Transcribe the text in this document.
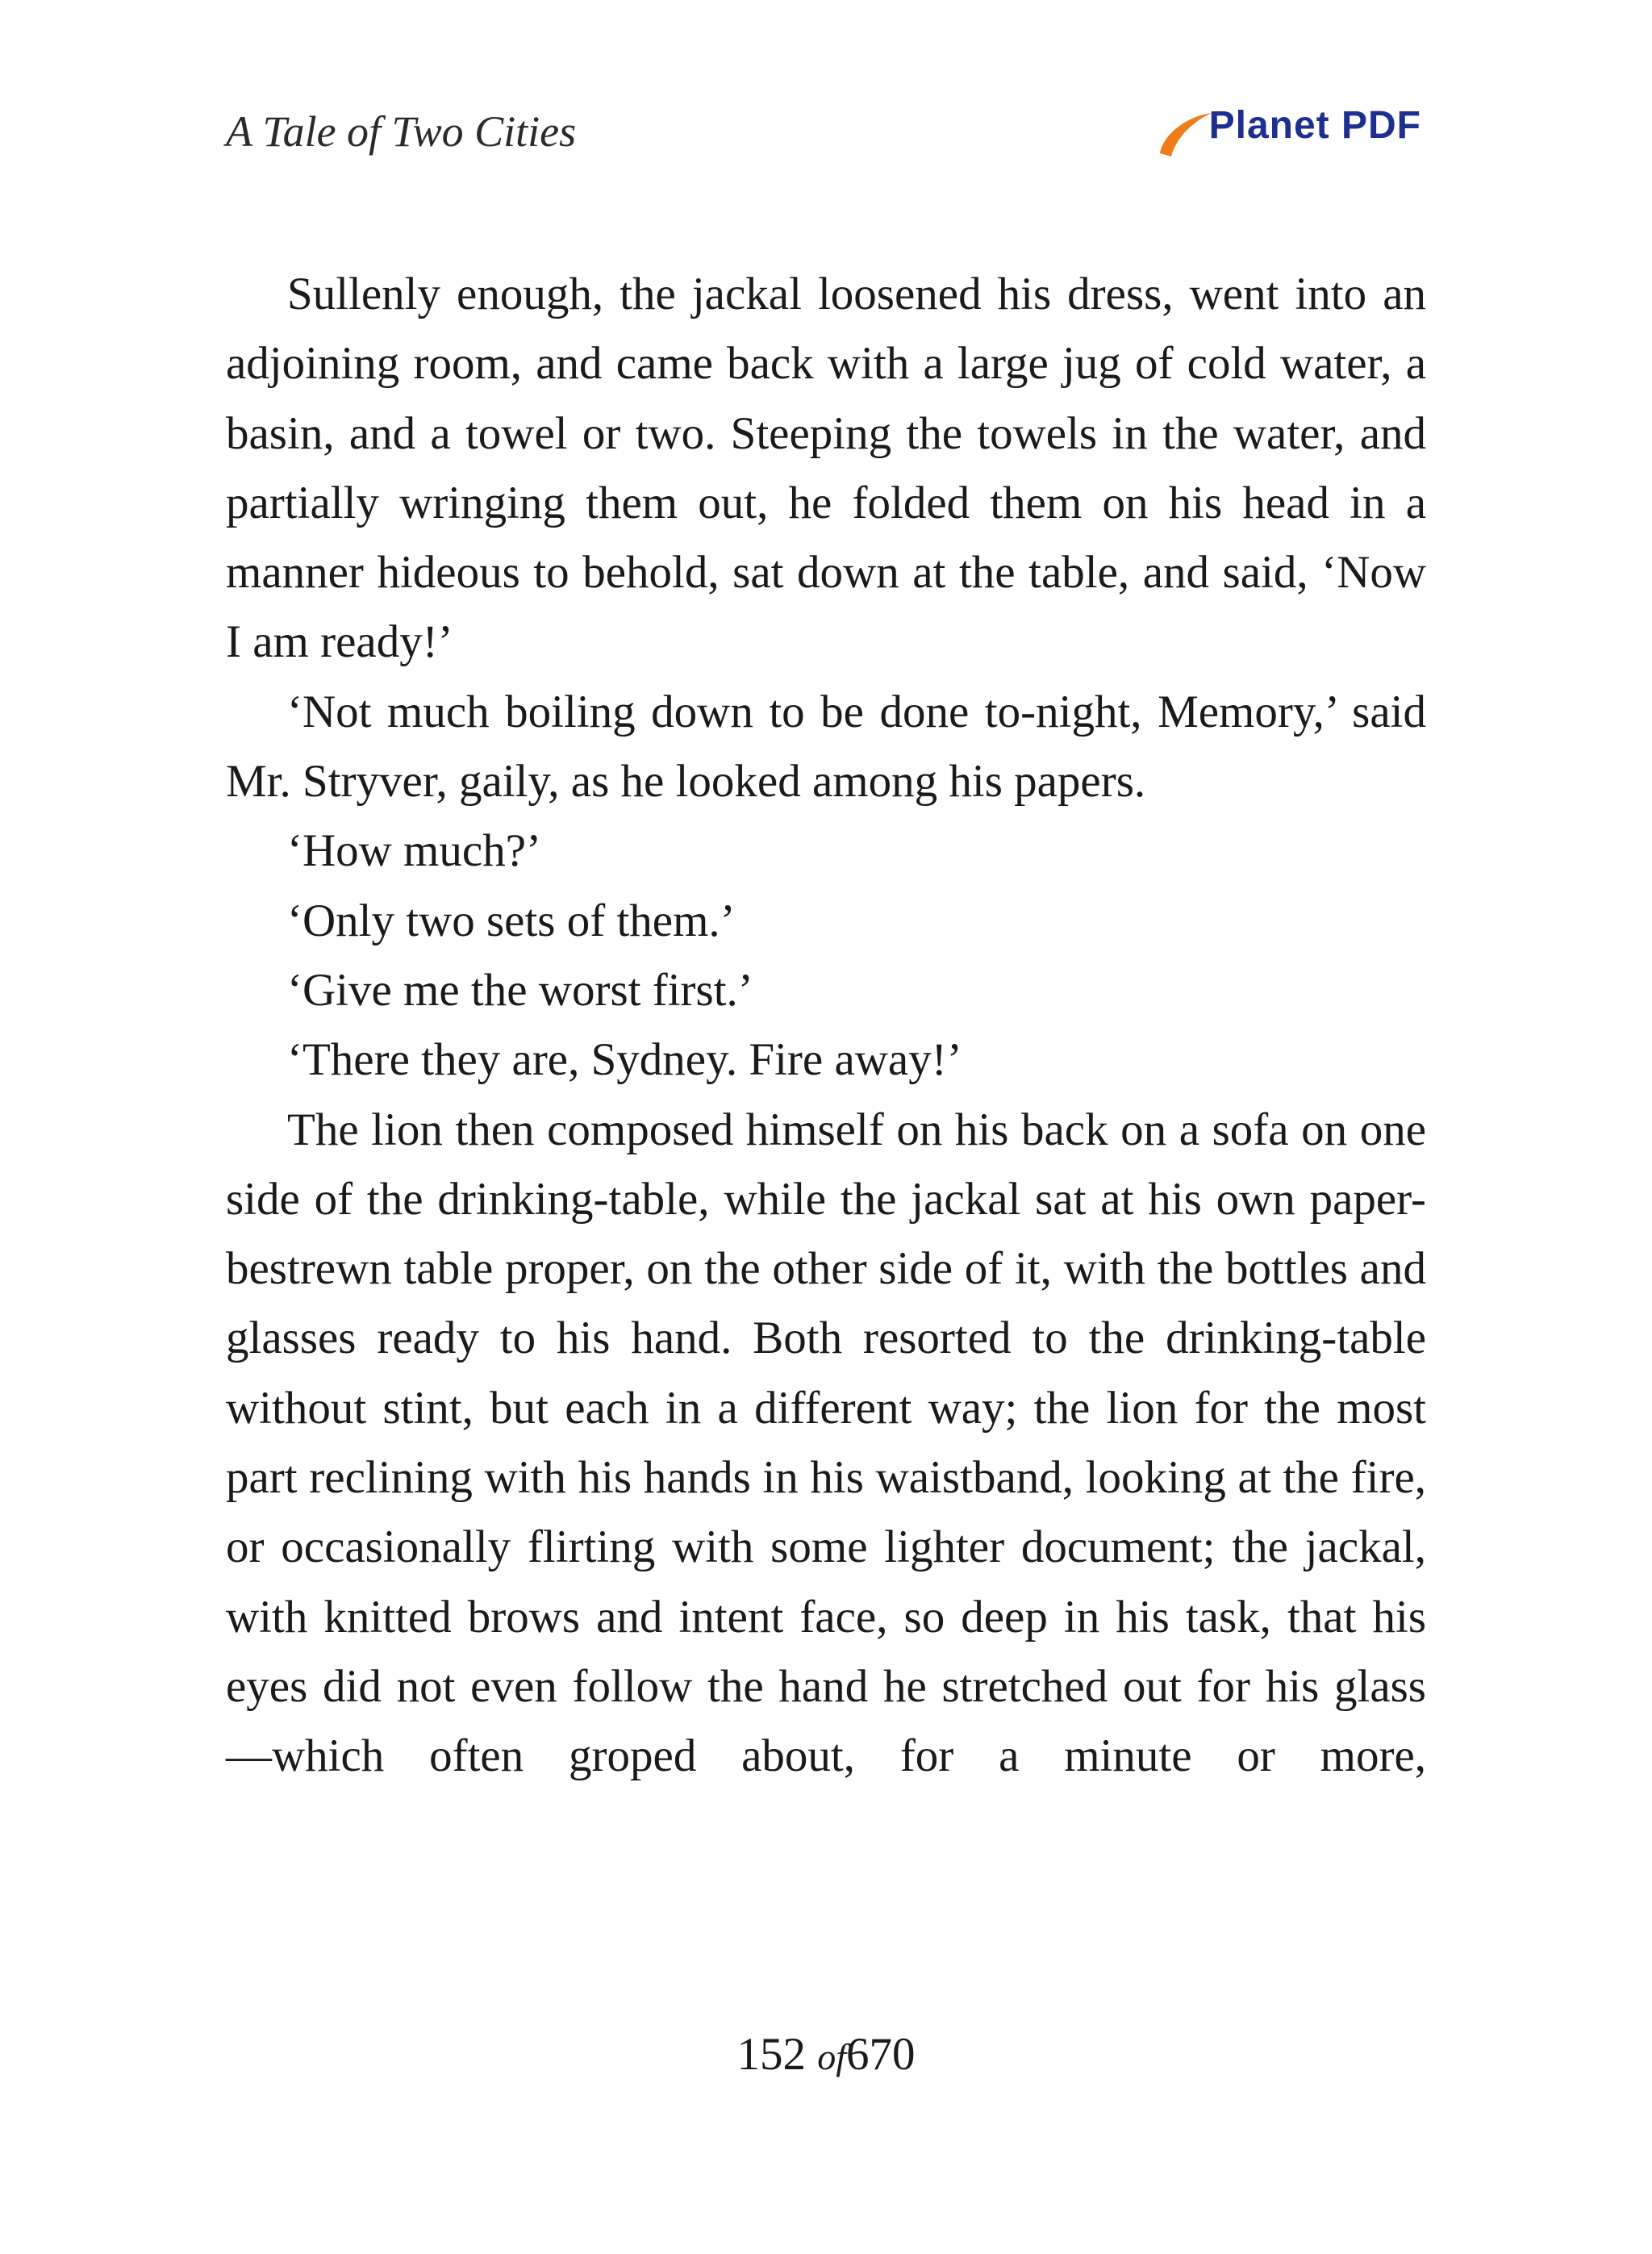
A Tale of Two Cities	Planet PDF

Sullenly enough, the jackal loosened his dress, went into an adjoining room, and came back with a large jug of cold water, a basin, and a towel or two. Steeping the towels in the water, and partially wringing them out, he folded them on his head in a manner hideous to behold, sat down at the table, and said, ‘Now I am ready!’

‘Not much boiling down to be done to-night, Memory,’ said Mr. Stryver, gaily, as he looked among his papers.

‘How much?’

‘Only two sets of them.’

‘Give me the worst first.’

‘There they are, Sydney. Fire away!’

The lion then composed himself on his back on a sofa on one side of the drinking-table, while the jackal sat at his own paper-bestrewn table proper, on the other side of it, with the bottles and glasses ready to his hand. Both resorted to the drinking-table without stint, but each in a different way; the lion for the most part reclining with his hands in his waistband, looking at the fire, or occasionally flirting with some lighter document; the jackal, with knitted brows and intent face, so deep in his task, that his eyes did not even follow the hand he stretched out for his glass—which often groped about, for a minute or more,

152 of670
